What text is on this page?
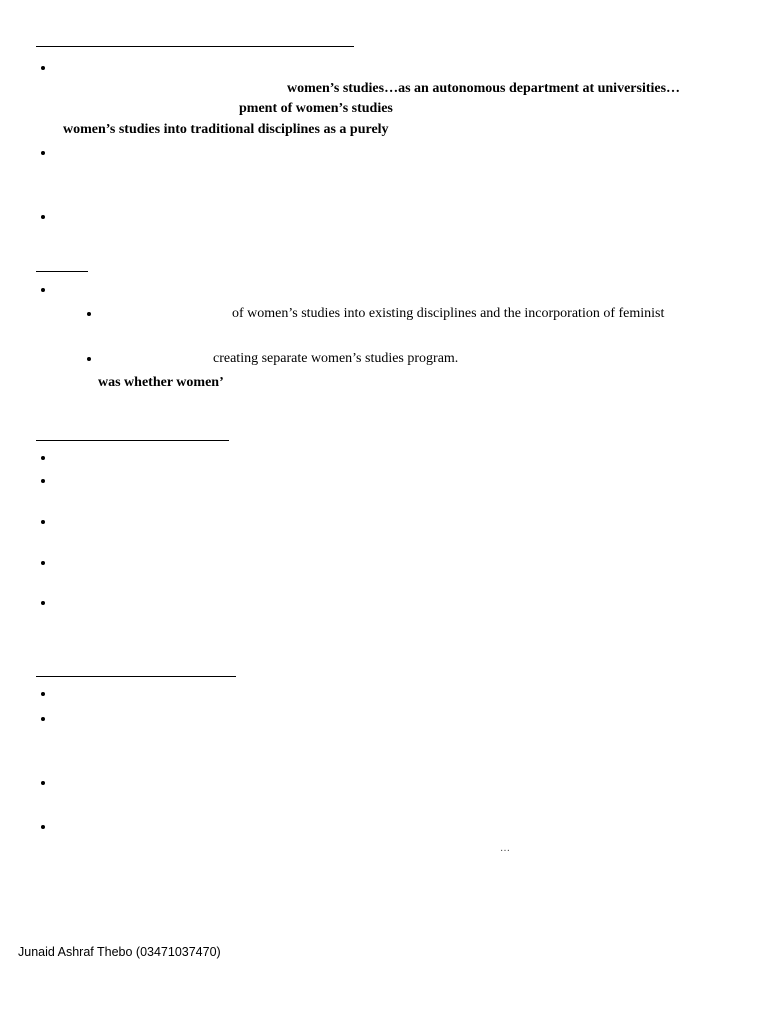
women’s studies…as an autonomous department at universities…
pment of women’s studies
women’s studies into traditional disciplines as a purely
of women’s studies into existing disciplines and the incorporation of feminist
creating separate women’s studies program.
was whether women’
…
Junaid Ashraf Thebo (03471037470)
